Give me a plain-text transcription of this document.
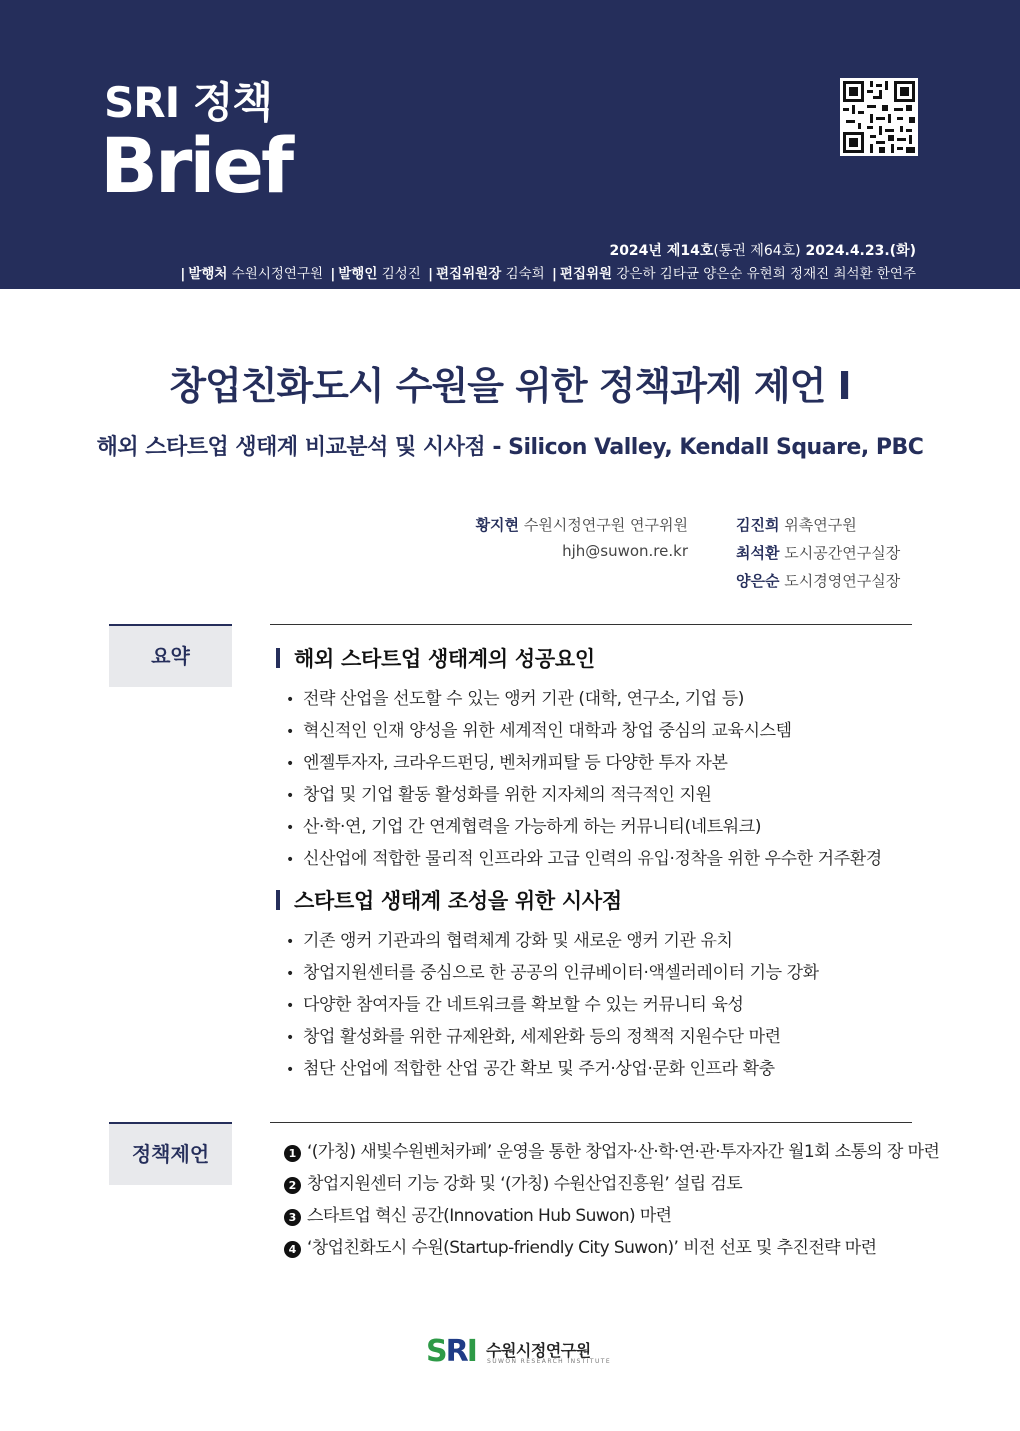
SRI 정책
Brief
2024년 제14호(통권 제64호) 2024.4.23.(화)
| 발행처 수원시정연구원 | 발행인 김성진 | 편집위원장 김숙희 | 편집위원 강은하 김타균 양은순 유현희 정재진 최석환 한연주
창업친화도시 수원을 위한 정책과제 제언 Ⅰ
해외 스타트업 생태계 비교분석 및 시사점 - Silicon Valley, Kendall Square, PBC
황지현 수원시정연구원 연구위원
hjh@suwon.re.kr
김진희 위촉연구원
최석환 도시공간연구실장
양은순 도시경영연구실장
요약	해외 스타트업 생태계의 성공요인
• 전략 산업을 선도할 수 있는 앵커 기관 (대학, 연구소, 기업 등)
• 혁신적인 인재 양성을 위한 세계적인 대학과 창업 중심의 교육시스템
• 엔젤투자자, 크라우드펀딩, 벤처캐피탈 등 다양한 투자 자본
• 창업 및 기업 활동 활성화를 위한 지자체의 적극적인 지원
• 산·학·연, 기업 간 연계협력을 가능하게 하는 커뮤니티(네트워크)
• 신산업에 적합한 물리적 인프라와 고급 인력의 유입·정착을 위한 우수한 거주환경
스타트업 생태계 조성을 위한 시사점
• 기존 앵커 기관과의 협력체계 강화 및 새로운 앵커 기관 유치
• 창업지원센터를 중심으로 한 공공의 인큐베이터·액셀러레이터 기능 강화
• 다양한 참여자들 간 네트워크를 확보할 수 있는 커뮤니티 육성
• 창업 활성화를 위한 규제완화, 세제완화 등의 정책적 지원수단 마련
• 첨단 산업에 적합한 산업 공간 확보 및 주거·상업·문화 인프라 확충
정책제언	1 ‘(가칭) 새빛수원벤처카페’ 운영을 통한 창업자·산·학·연·관·투자자간 월1회 소통의 장 마련
2 창업지원센터 기능 강화 및 ‘(가칭) 수원산업진흥원’ 설립 검토
3 스타트업 혁신 공간(Innovation Hub Suwon) 마련
4 ‘창업친화도시 수원(Startup-friendly City Suwon)’ 비전 선포 및 추진전략 마련
SRI 수원시정연구원
SUWON RESEARCH INSTITUTE
